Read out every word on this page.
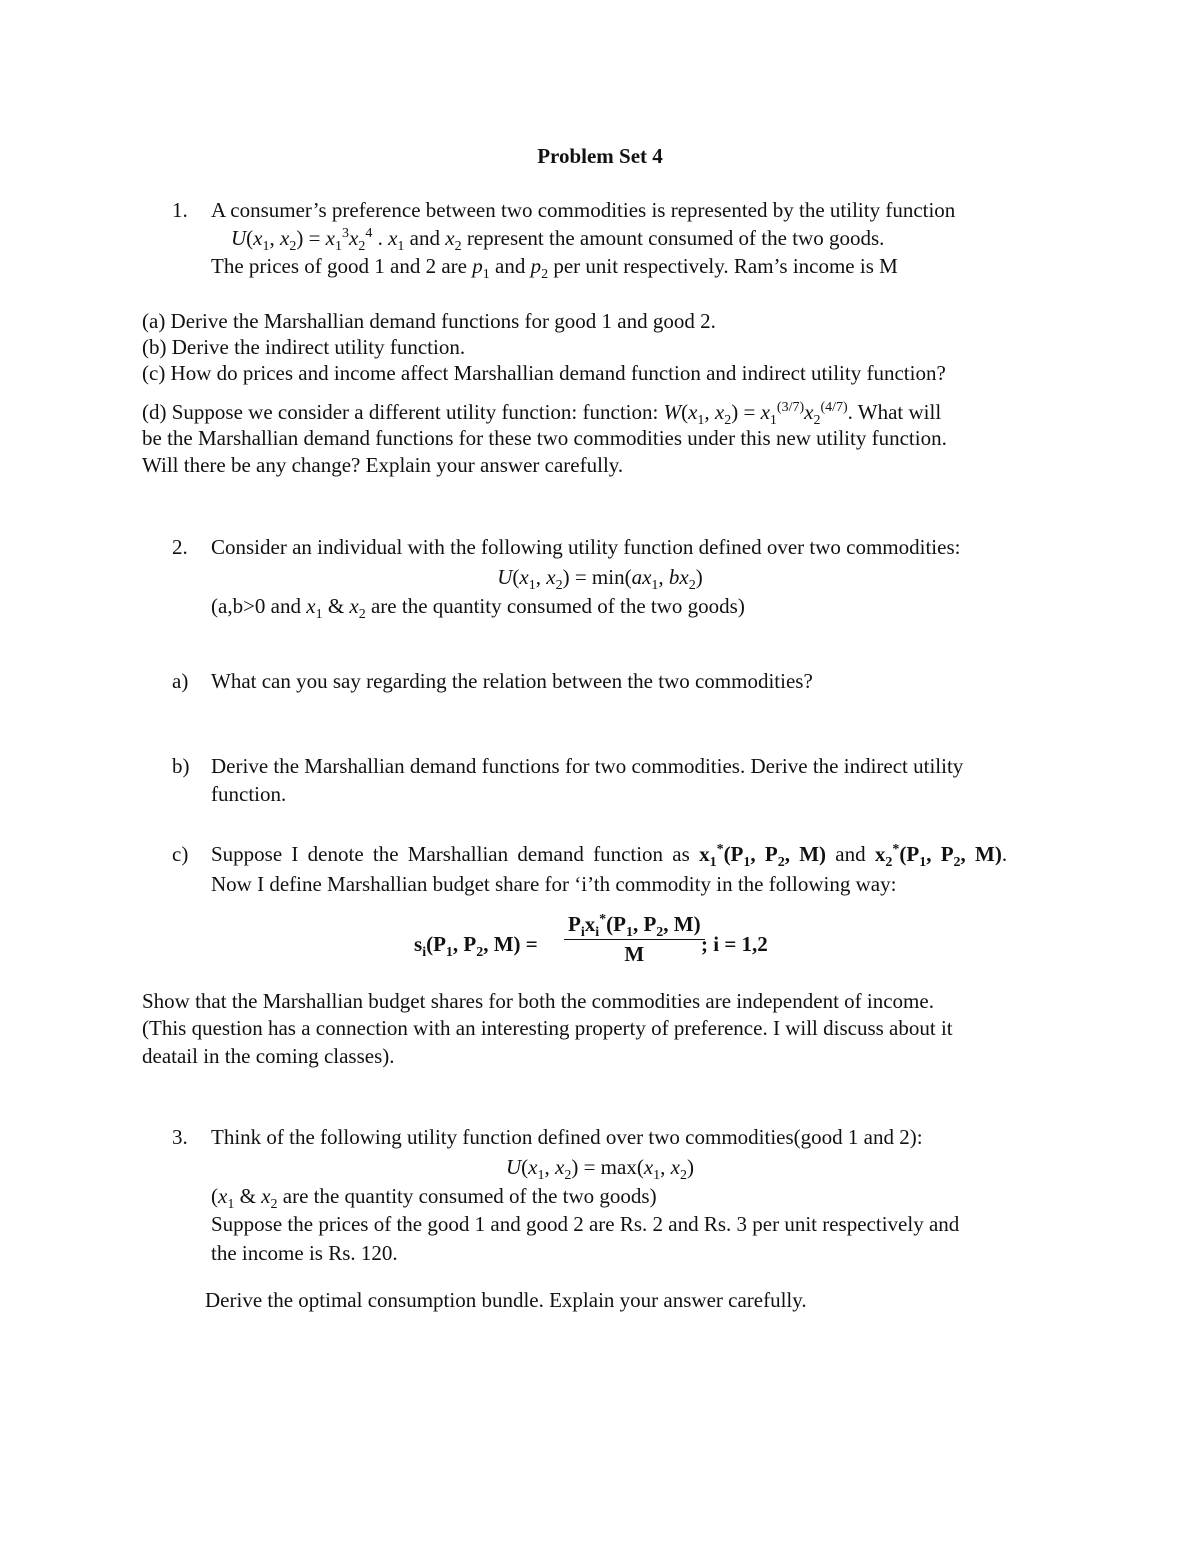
Problem Set 4
1. A consumer’s preference between two commodities is represented by the utility function
$U(x_1$, $x_2) = x_1^3x_2^4$ . $x_1$ and $x_2$ represent the amount consumed of the two goods.
The prices of good 1 and 2 are $p_1$ and $p_2$ per unit respectively. Ram’s income is M
(a) Derive the Marshallian demand functions for good 1 and good 2.
(b) Derive the indirect utility function.
(c) How do prices and income affect Marshallian demand function and indirect utility function?
(d) Suppose we consider a different utility function: function: $W(x_1$, $x_2) = x_1^{(3/7)}x_2^{(4/7)}$. What will
be the Marshallian demand functions for these two commodities under this new utility function.
Will there be any change? Explain your answer carefully.
2. Consider an individual with the following utility function defined over two commodities:
$U(x_1$, $x_2) = \min(ax_1$, $bx_2$)
(a,b>0 and $x_1$ & $x_2$ are the quantity consumed of the two goods)
a) What can you say regarding the relation between the two commodities?
b) Derive the Marshallian demand functions for two commodities. Derive the indirect utility
function.
c) Suppose I denote the Marshallian demand function as $x_1^*(P_1$, $P_2$, M) and $x_2^*(P_1$, $P_2$, M).
Now I define Marshallian budget share for ‘i’th commodity in the following way:
$s_i(P_1$, $P_2$, M) =
$P_ix_i^*(P_1$, $P_2$, M)
M	; i = 1,2
Show that the Marshallian budget shares for both the commodities are independent of income.
(This question has a connection with an interesting property of preference. I will discuss about it
deatail in the coming classes).
3. Think of the following utility function defined over two commodities(good 1 and 2):
$U(x_1$, $x_2) = \max(x_1$, $x_2$)
($x_1$ & $x_2$ are the quantity consumed of the two goods)
Suppose the prices of the good 1 and good 2 are Rs. 2 and Rs. 3 per unit respectively and
the income is Rs. 120.
Derive the optimal consumption bundle. Explain your answer carefully.
